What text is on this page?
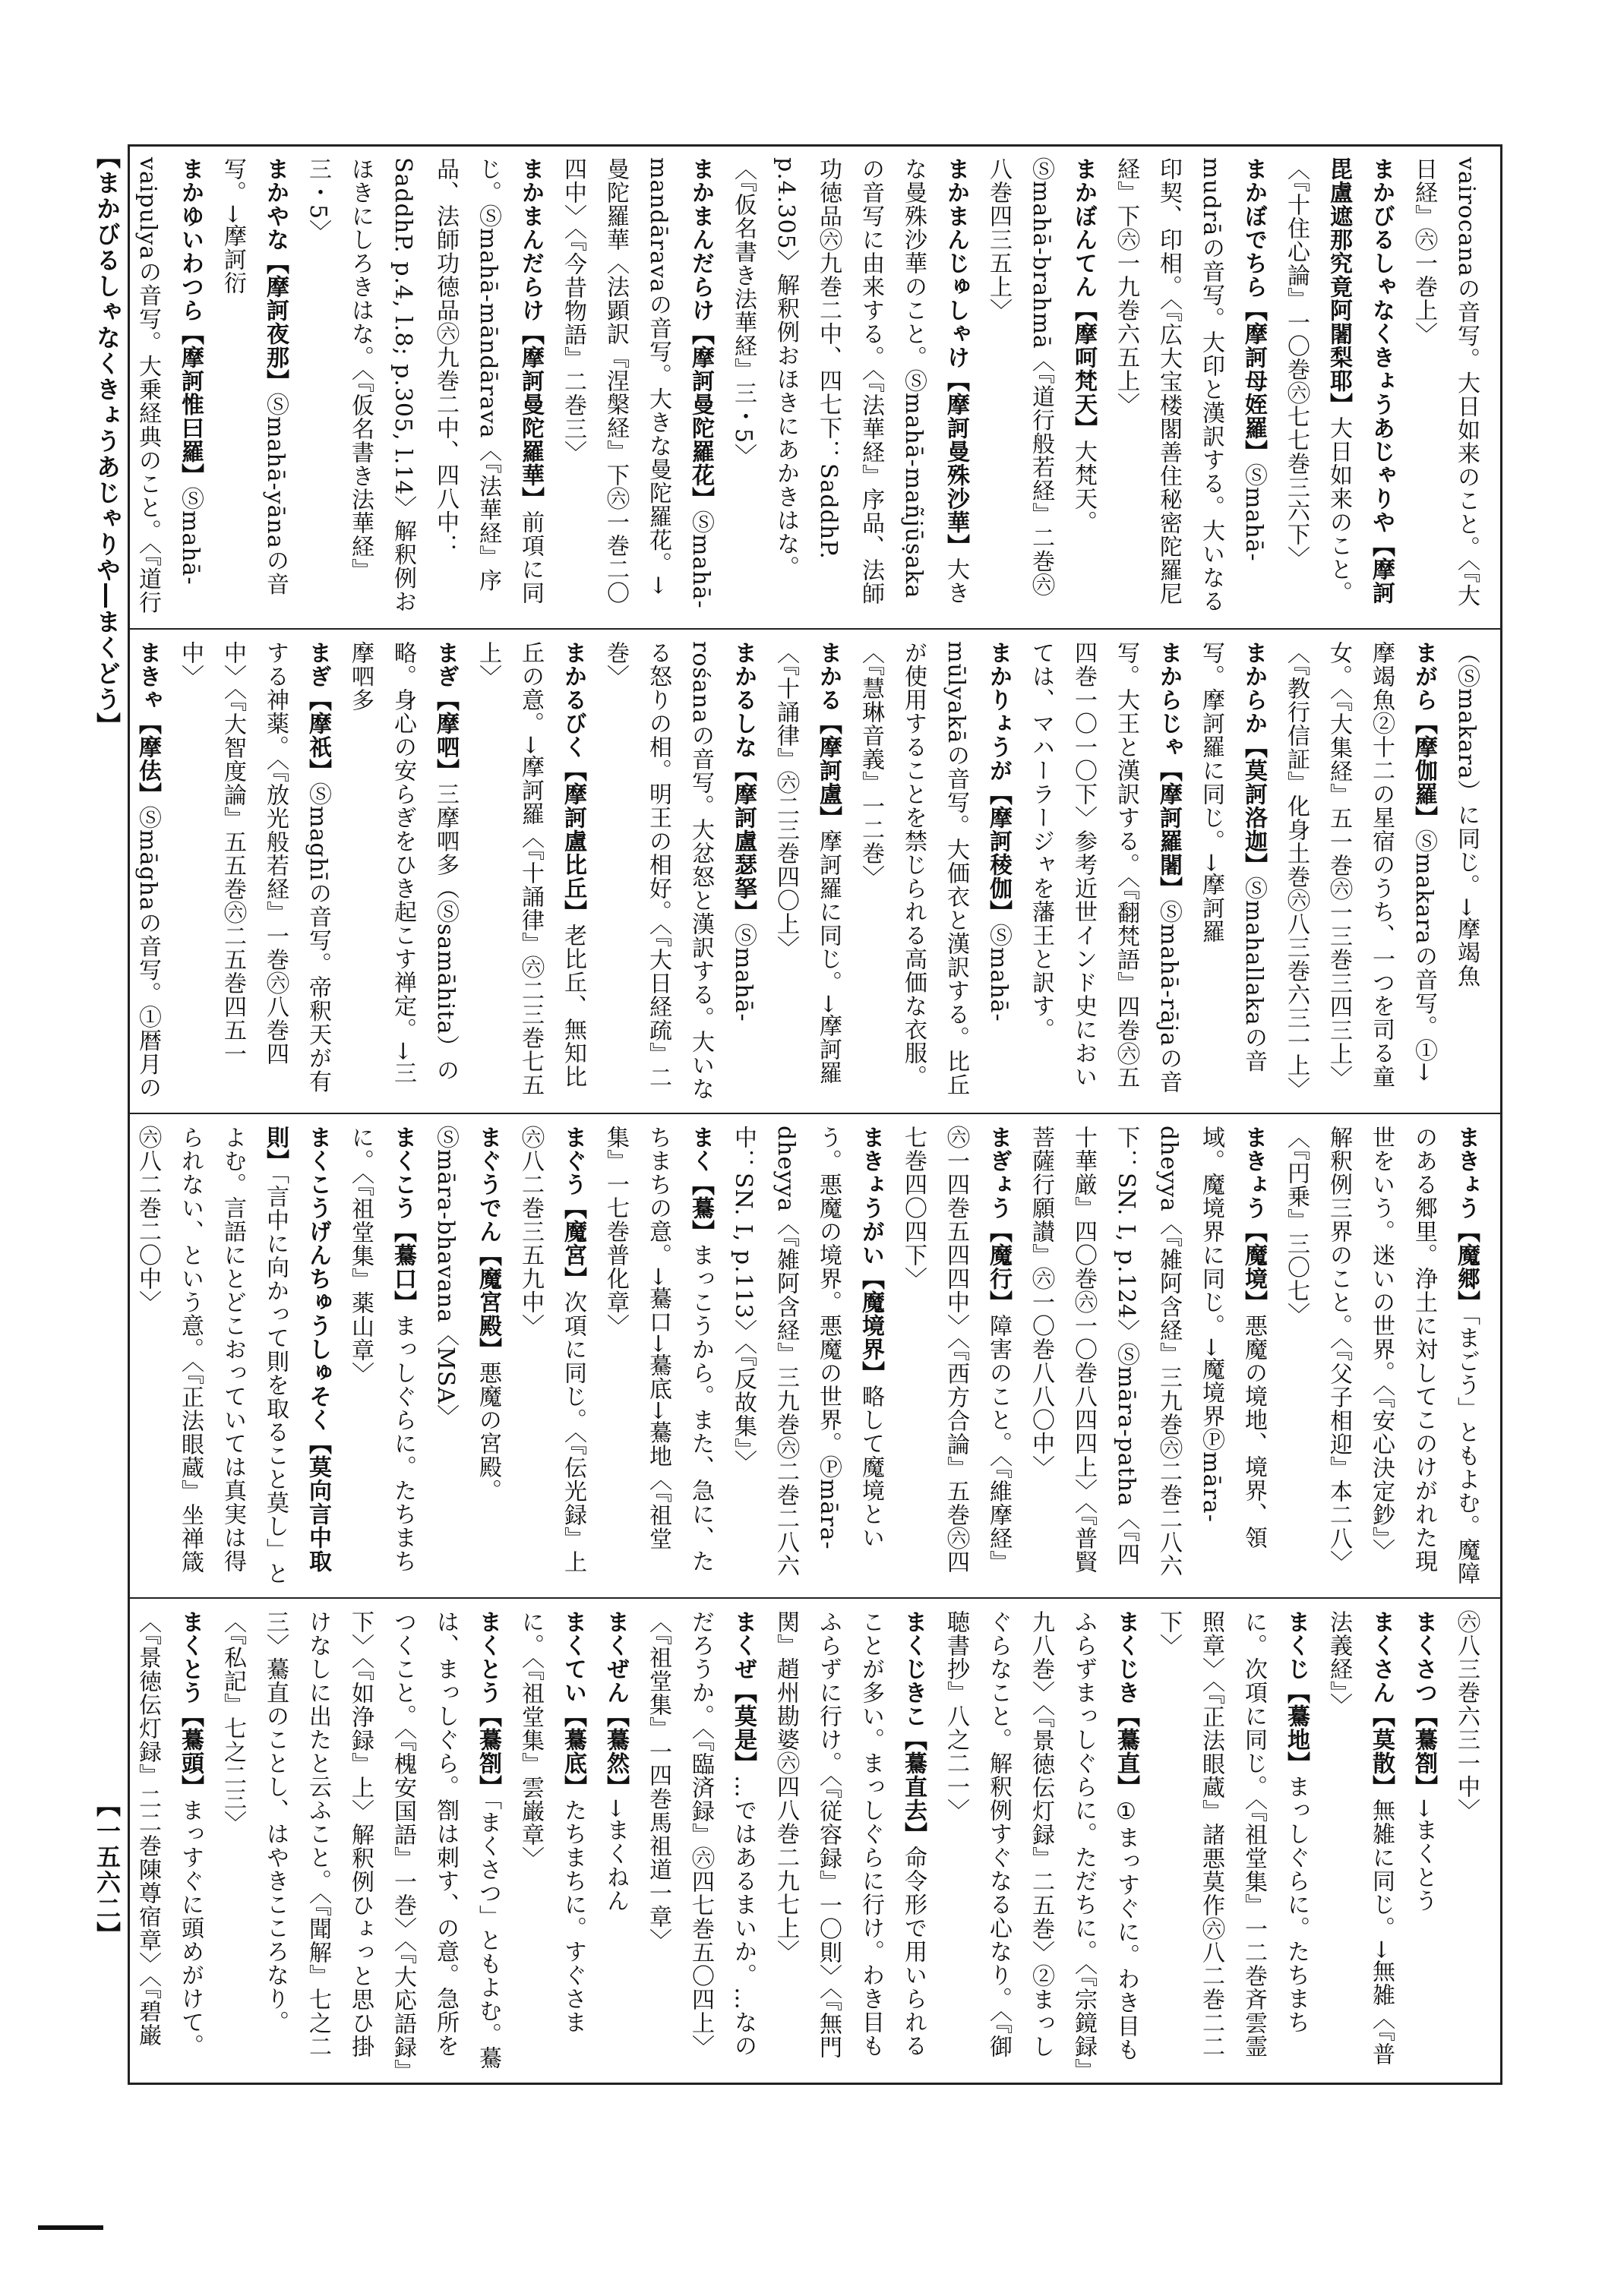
vairocanaの音写。大日如来のこと。〈『大日経』㊅一巻上〉
まかびるしゃなくきょうあじゃりや【摩訶毘盧遮那究竟阿闍梨耶】大日如来のこと。〈『十住心論』一〇巻㊅七七巻三六下〉
まかぼでちら【摩訶母姪羅】Ⓢmahā-mudrāの音写。大印と漢訳する。大いなる印契、印相。〈『広大宝楼閣善住秘密陀羅尼経』下㊅一九巻六五上〉
まかぼんてん【摩呵梵天】大梵天。Ⓢmahā-brahmā〈『道行般若経』二巻㊅八巻四三五上〉
まかまんじゅしゃけ【摩訶曼殊沙華】大きな曼殊沙華のこと。Ⓢmahā-mañjūṣakaの音写に由来する。〈『法華経』序品、法師功徳品㊅九巻二中、四七下：SaddhP. p.4.305〉解釈例おほきにあかきはな。〈『仮名書き法華経』三・5〉
まかまんだらけ【摩訶曼陀羅花】Ⓢmahā-mandāravaの音写。大きな曼陀羅花。→曼陀羅華〈法顕訳『涅槃経』下㊅一巻二〇四中〉〈『今昔物語』二巻三〉
まかまんだらけ【摩訶曼陀羅華】前項に同じ。Ⓢmahā-māndārava〈『法華経』序品、法師功徳品㊅九巻二中、四八中：SaddhP. p.4, l.8; p.305, l.14〉解釈例おほきにしろきはな。〈『仮名書き法華経』三・5〉
まかやな【摩訶夜那】Ⓢmahā-yānaの音写。→摩訶衍
まかゆいわつら【摩訶惟曰羅】Ⓢmahā-vaipulyaの音写。大乗経典のこと。〈『道行
（Ⓢmakara）に同じ。→摩竭魚
まがら【摩伽羅】Ⓢmakaraの音写。①→摩竭魚②十二の星宿のうち、一つを司る童女。〈『大集経』五一巻㊅一三巻三四三上〉〈『教行信証』化身土巻㊅八三巻六三一上〉
まからか【莫訶洛迦】Ⓢmahallakaの音写。摩訶羅に同じ。→摩訶羅
まからじゃ【摩訶羅闍】Ⓢmahā-rājaの音写。大王と漢訳する。〈『翻梵語』四巻㊅五四巻一〇一〇下〉参考近世インド史においては、マハーラージャを藩王と訳す。
まかりょうが【摩訶稜伽】Ⓢmahā-mūlyakāの音写。大価衣と漢訳する。比丘が使用することを禁じられる高価な衣服。〈『慧琳音義』一二巻〉
まかる【摩訶盧】摩訶羅に同じ。→摩訶羅〈『十誦律』㊅二三巻四〇上〉
まかるしな【摩訶盧瑟拏】Ⓢmahā-rośanaの音写。大忿怒と漢訳する。大いなる怒りの相。明王の相好。〈『大日経疏』二巻〉
まかるびく【摩訶盧比丘】老比丘、無知比丘の意。→摩訶羅〈『十誦律』㊅二三巻七五上〉
まぎ【摩呬】三摩呬多（Ⓢsamāhita）の略。身心の安らぎをひき起こす禅定。→三摩呬多
まぎ【摩祇】Ⓢmaghīの音写。帝釈天が有する神薬。〈『放光般若経』一巻㊅八巻四中〉〈『大智度論』五五巻㊅二五巻四五一中〉
まきゃ【摩佉】Ⓢmāghaの音写。①暦月の
まきょう【魔郷】「まごう」ともよむ。魔障のある郷里。浄土に対してこのけがれた現世をいう。迷いの世界。〈『安心決定鈔』〉解釈例三界のこと。〈『父子相迎』本二八〉〈『円乗』三〇七〉
まきょう【魔境】悪魔の境地、境界、領域。魔境界に同じ。→魔境界Ⓟmāra-dheyya〈『雑阿含経』三九巻㊅二巻二八六下：SN. I, p.124〉Ⓢmāra-patha〈『四十華厳』四〇巻㊅一〇巻八四四上〉〈『普賢菩薩行願讃』㊅一〇巻八八〇中〉
まぎょう【魔行】障害のこと。〈『維摩経』㊅一四巻五四四中〉〈『西方合論』五巻㊅四七巻四〇四下〉
まきょうがい【魔境界】略して魔境という。悪魔の境界。悪魔の世界。Ⓟmāra-dheyya〈『雑阿含経』三九巻㊅二巻二八六中：SN. I, p.113〉〈『反故集』〉
まく【驀】まっこうから。また、急に、たちまちの意。→驀口→驀底→驀地〈『祖堂集』一七巻普化章〉
まぐう【魔宮】次項に同じ。〈『伝光録』上㊅八二巻三五九中〉
まぐうでん【魔宮殿】悪魔の宮殿。Ⓢmāra-bhavana〈MSA〉
まくこう【驀口】まっしぐらに。たちまちに。〈『祖堂集』薬山章〉
まくこうげんちゅうしゅそく【莫向言中取則】「言中に向かって則を取ること莫し」とよむ。言語にとどこおっていては真実は得られない、という意。〈『正法眼蔵』坐禅箴㊅八二巻二〇中〉
㊅八三巻六三一中〉
まくさつ【驀劄】→まくとう
まくさん【莫散】無雑に同じ。→無雑〈『普法義経』〉
まくじ【驀地】まっしぐらに。たちまちに。次項に同じ。〈『祖堂集』一二巻斉雲霊照章〉〈『正法眼蔵』諸悪莫作㊅八二巻二二下〉
まくじき【驀直】①まっすぐに。わき目もふらずまっしぐらに。ただちに。〈『宗鏡録』九八巻〉〈『景徳伝灯録』二五巻〉②まっしぐらなこと。解釈例すぐなる心なり。〈『御聴書抄』八之二一〉
まくじきこ【驀直去】命令形で用いられることが多い。まっしぐらに行け。わき目もふらずに行け。〈『従容録』一〇則〉〈『無門関』趙州勘婆㊅四八巻二九七上〉
まくぜ【莫是】…ではあるまいか。…なのだろうか。〈『臨済録』㊅四七巻五〇四上〉〈『祖堂集』一四巻馬祖道一章〉
まくぜん【驀然】→まくねん
まくてい【驀底】たちまちに。すぐさまに。〈『祖堂集』雲巌章〉
まくとう【驀劄】「まくさつ」ともよむ。驀は、まっしぐら。劄は刺す、の意。急所をつくこと。〈『槐安国語』一巻〉〈『大応語録』下〉〈『如浄録』上〉解釈例ひょっと思ひ掛けなしに出たと云ふこと。〈『聞解』七之二三〉驀直のことし、はやきこころなり。〈『私記』七之二三〉
まくとう【驀頭】まっすぐに頭めがけて。〈『景徳伝灯録』二二巻陳尊宿章〉〈『碧巌
【まかびるしゃなくきょうあじゃりや―まくどう】
【一五六二】
